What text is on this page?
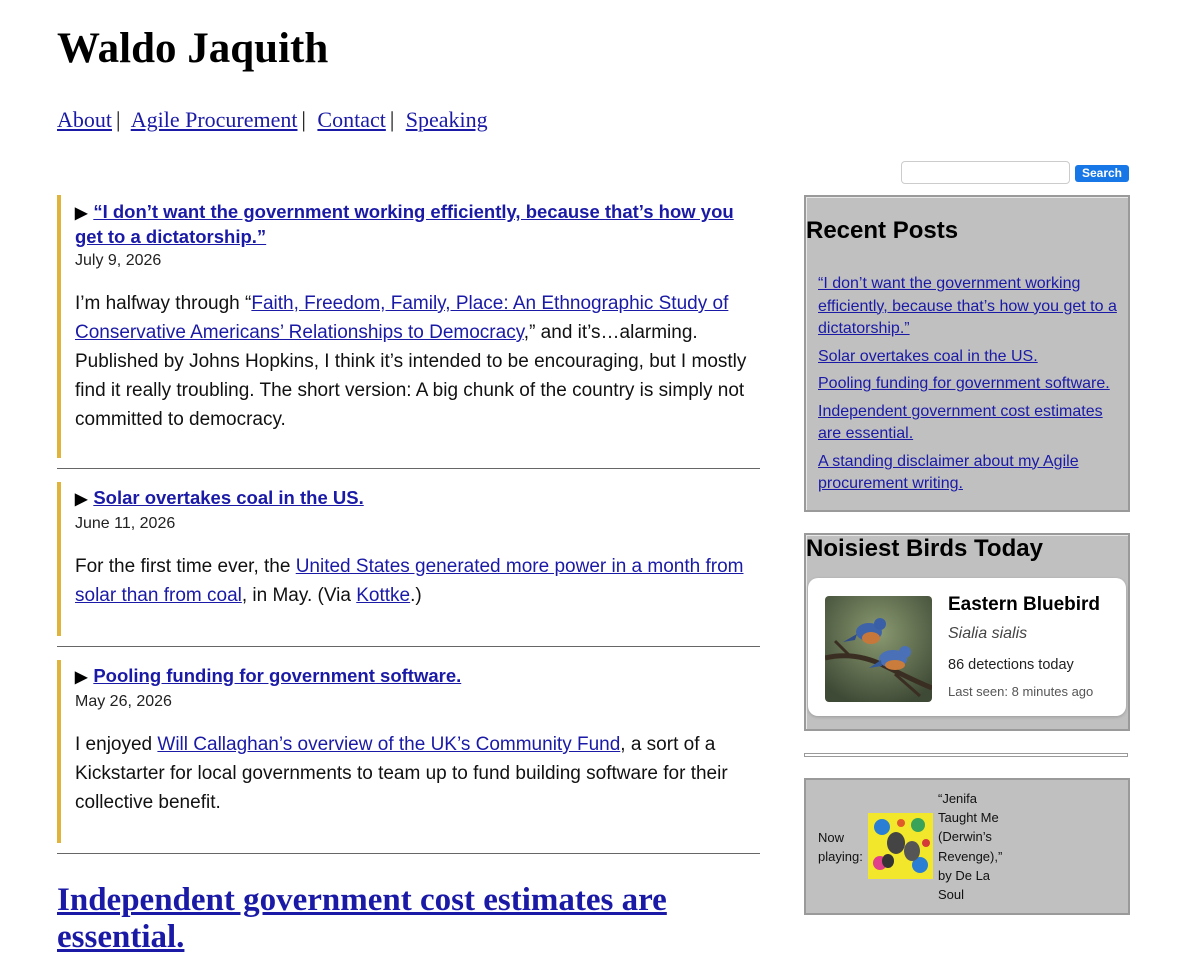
Waldo Jaquith
About | Agile Procurement | Contact | Speaking
Search
▶ “I don’t want the government working efficiently, because that’s how you get to a dictatorship.”
July 9, 2026

I’m halfway through “Faith, Freedom, Family, Place: An Ethnographic Study of Conservative Americans’ Relationships to Democracy,” and it’s…alarming. Published by Johns Hopkins, I think it’s intended to be encouraging, but I mostly find it really troubling. The short version: A big chunk of the country is simply not committed to democracy.

▶ Solar overtakes coal in the US.
June 11, 2026

For the first time ever, the United States generated more power in a month from solar than from coal, in May. (Via Kottke.)

▶ Pooling funding for government software.
May 26, 2026

I enjoyed Will Callaghan’s overview of the UK’s Community Fund, a sort of a Kickstarter for local governments to team up to fund building software for their collective benefit.

Independent government cost estimates are essential.
Recent Posts
“I don’t want the government working efficiently, because that’s how you get to a dictatorship.”
Solar overtakes coal in the US.
Pooling funding for government software.
Independent government cost estimates are essential.
A standing disclaimer about my Agile procurement writing.
Noisiest Birds Today
Eastern Bluebird
Sialia sialis
86 detections today
Last seen: 8 minutes ago
Now playing:
“Jenifa Taught Me (Derwin’s Revenge),” by De La Soul
